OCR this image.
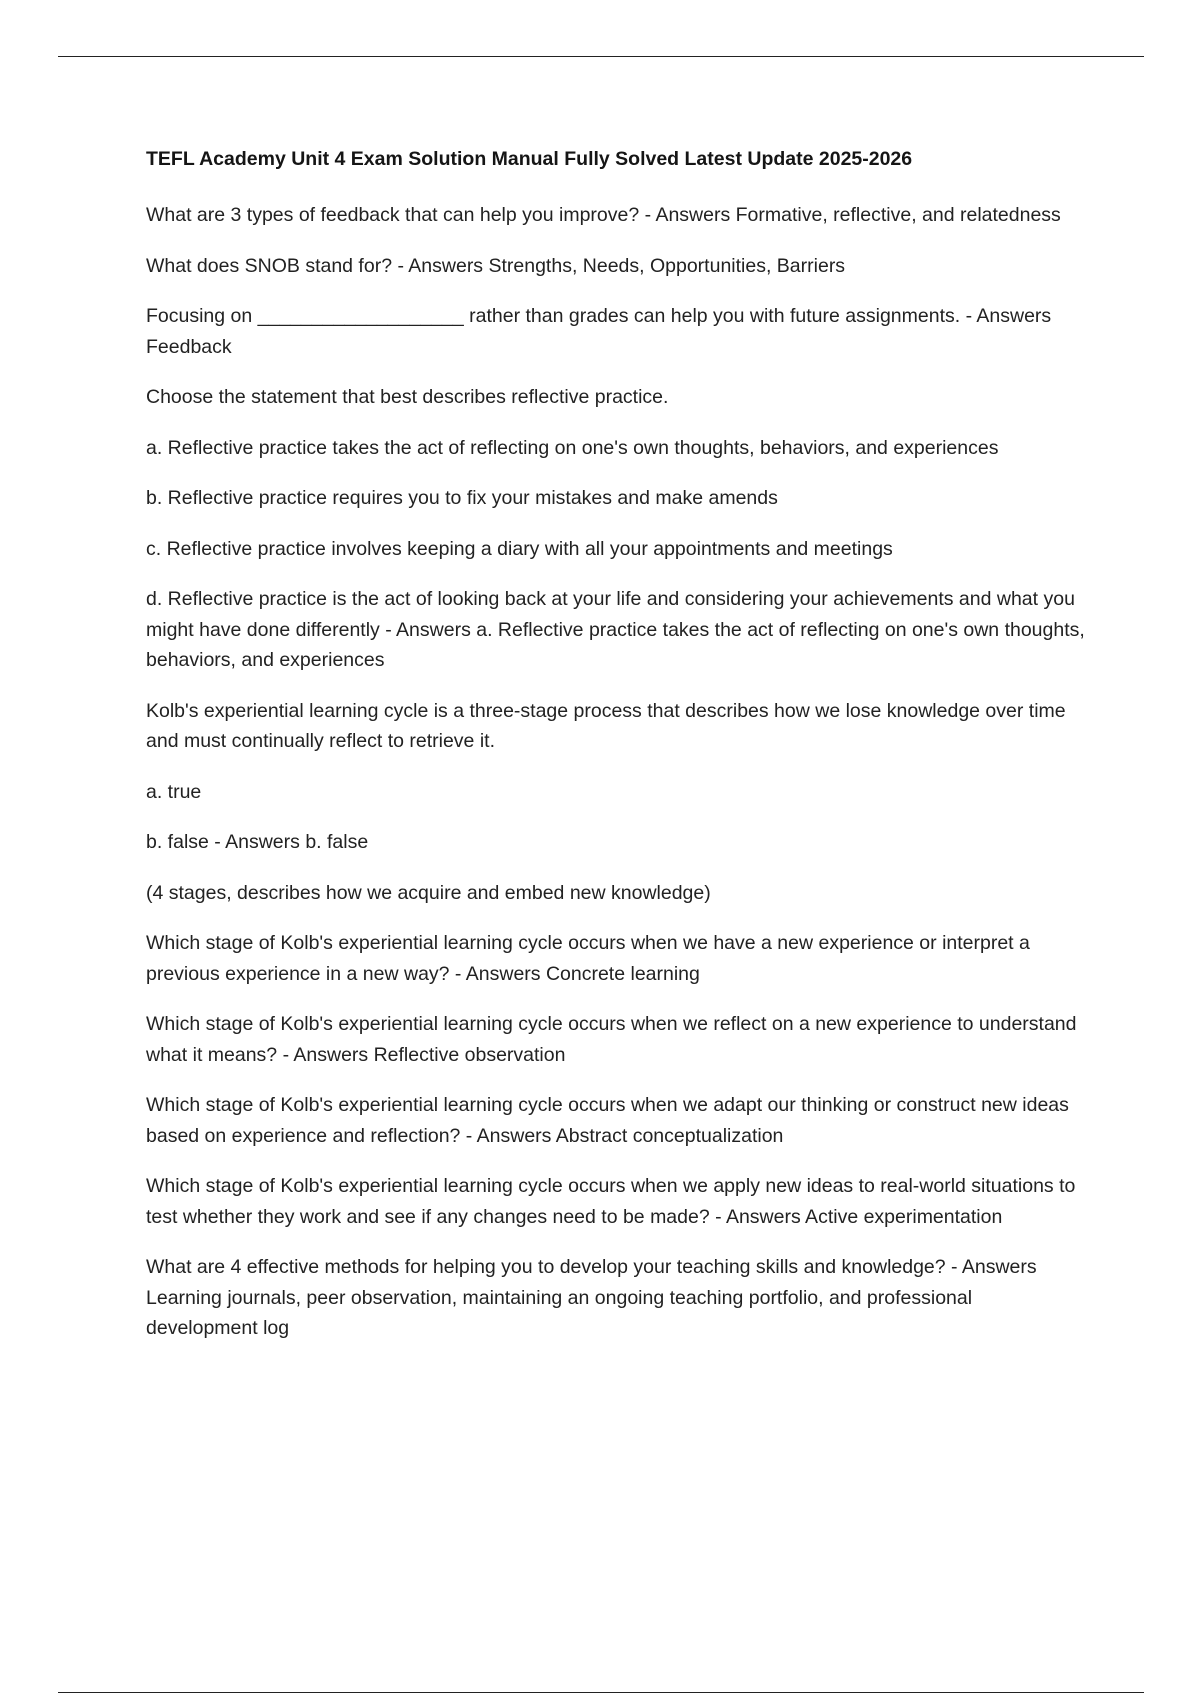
TEFL Academy Unit 4 Exam Solution Manual Fully Solved Latest Update 2025-2026

What are 3 types of feedback that can help you improve? - Answers Formative, reflective, and relatedness

What does SNOB stand for? - Answers Strengths, Needs, Opportunities, Barriers

Focusing on ___________________ rather than grades can help you with future assignments. - Answers Feedback

Choose the statement that best describes reflective practice.

a. Reflective practice takes the act of reflecting on one's own thoughts, behaviors, and experiences

b. Reflective practice requires you to fix your mistakes and make amends

c. Reflective practice involves keeping a diary with all your appointments and meetings

d. Reflective practice is the act of looking back at your life and considering your achievements and what you might have done differently - Answers a. Reflective practice takes the act of reflecting on one's own thoughts, behaviors, and experiences

Kolb's experiential learning cycle is a three-stage process that describes how we lose knowledge over time and must continually reflect to retrieve it.

a. true

b. false - Answers b. false

(4 stages, describes how we acquire and embed new knowledge)

Which stage of Kolb's experiential learning cycle occurs when we have a new experience or interpret a previous experience in a new way? - Answers Concrete learning

Which stage of Kolb's experiential learning cycle occurs when we reflect on a new experience to understand what it means? - Answers Reflective observation

Which stage of Kolb's experiential learning cycle occurs when we adapt our thinking or construct new ideas based on experience and reflection? - Answers Abstract conceptualization

Which stage of Kolb's experiential learning cycle occurs when we apply new ideas to real-world situations to test whether they work and see if any changes need to be made? - Answers Active experimentation

What are 4 effective methods for helping you to develop your teaching skills and knowledge? - Answers Learning journals, peer observation, maintaining an ongoing teaching portfolio, and professional development log
